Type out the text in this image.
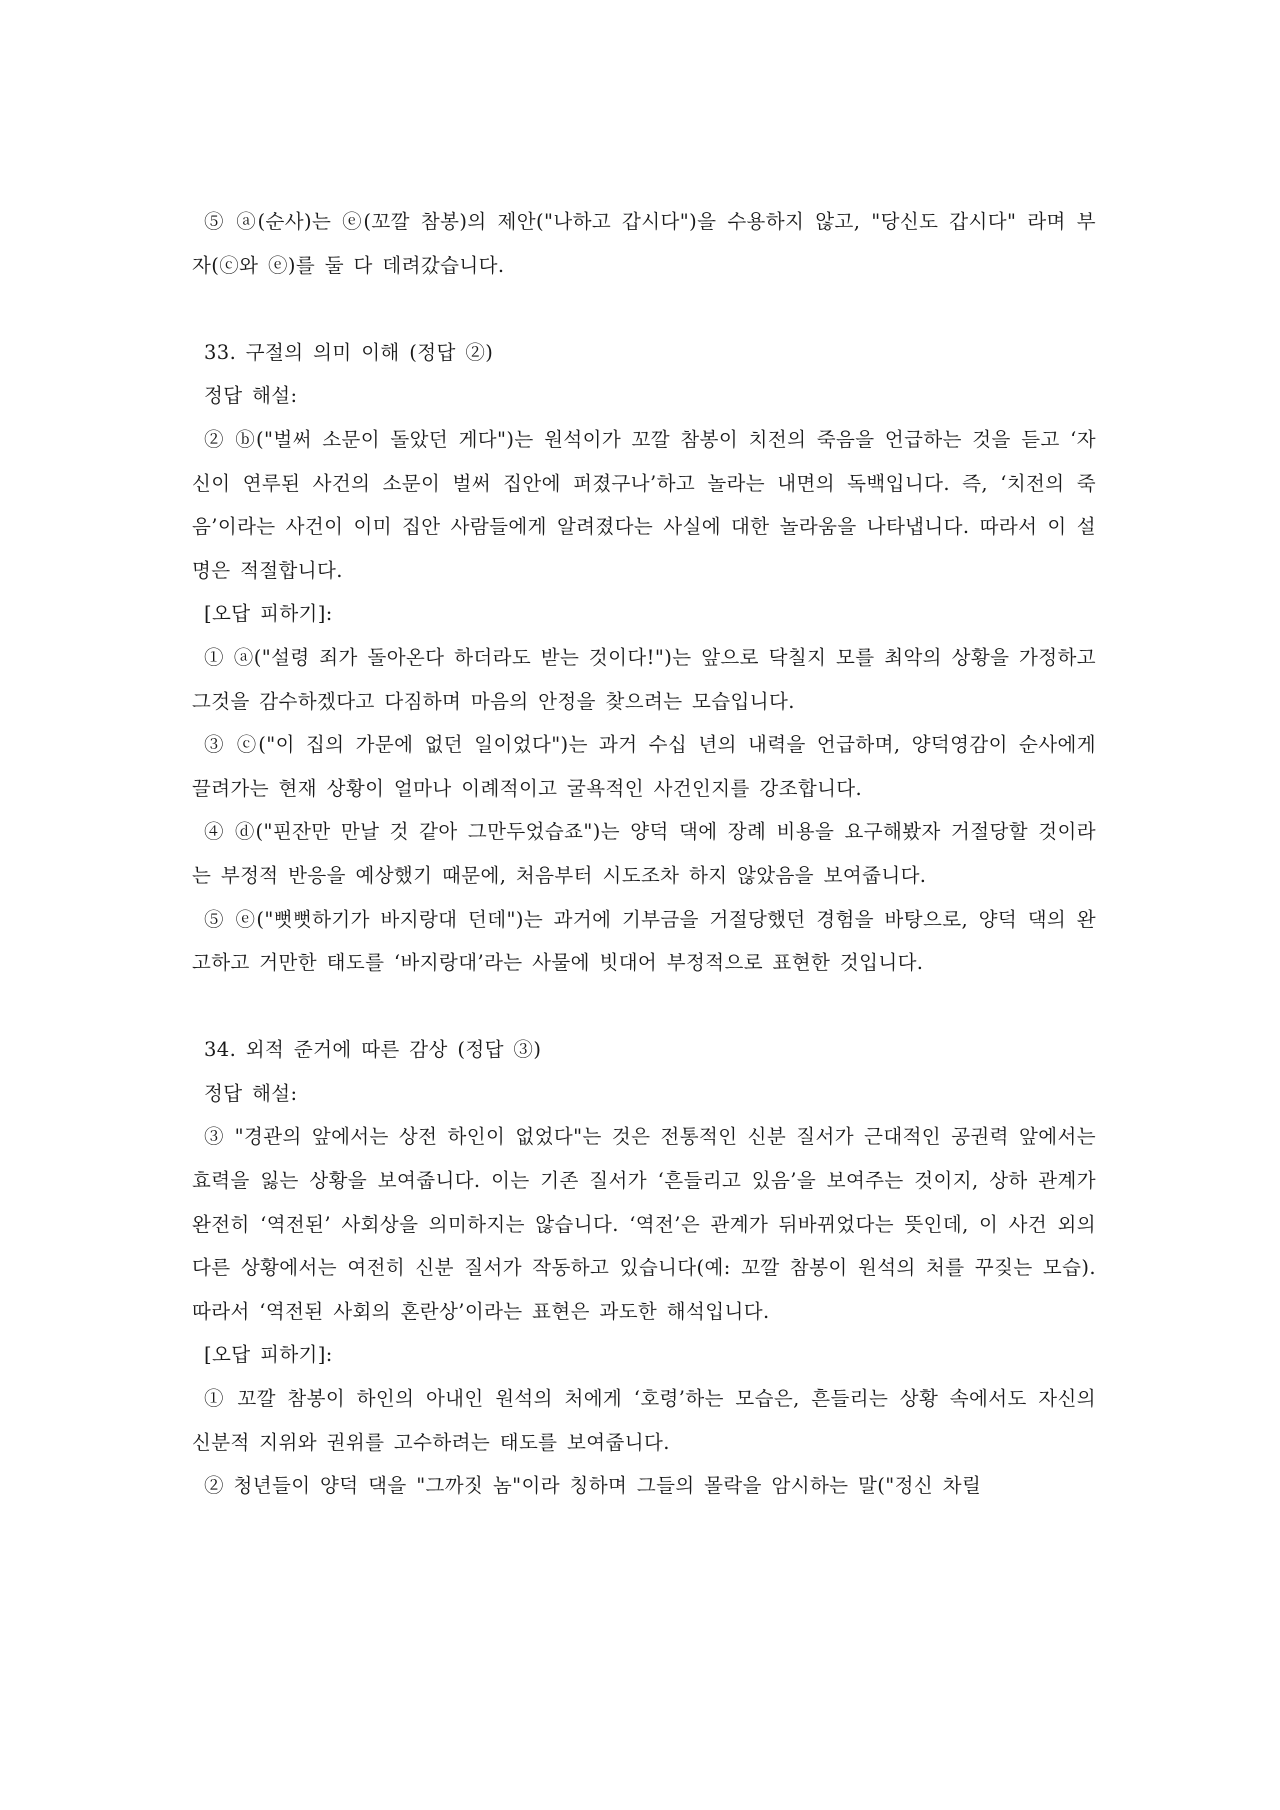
⑤ ⓐ(순사)는 ⓔ(꼬깔 참봉)의 제안("나하고 갑시다")을 수용하지 않고, "당신도 갑시다" 라며 부자(ⓒ와 ⓔ)를 둘 다 데려갔습니다.

33. 구절의 의미 이해 (정답 ②)

정답 해설:

② ⓑ("벌써 소문이 돌았던 게다")는 원석이가 꼬깔 참봉이 치전의 죽음을 언급하는 것을 듣고 ‘자신이 연루된 사건의 소문이 벌써 집안에 퍼졌구나’하고 놀라는 내면의 독백입니다. 즉, ‘치전의 죽음’이라는 사건이 이미 집안 사람들에게 알려졌다는 사실에 대한 놀라움을 나타냅니다. 따라서 이 설명은 적절합니다.

[오답 피하기]:

① ⓐ("설령 죄가 돌아온다 하더라도 받는 것이다!")는 앞으로 닥칠지 모를 최악의 상황을 가정하고 그것을 감수하겠다고 다짐하며 마음의 안정을 찾으려는 모습입니다.

③ ⓒ("이 집의 가문에 없던 일이었다")는 과거 수십 년의 내력을 언급하며, 양덕영감이 순사에게 끌려가는 현재 상황이 얼마나 이례적이고 굴욕적인 사건인지를 강조합니다.

④ ⓓ("핀잔만 만날 것 같아 그만두었습죠")는 양덕 댁에 장례 비용을 요구해봤자 거절당할 것이라는 부정적 반응을 예상했기 때문에, 처음부터 시도조차 하지 않았음을 보여줍니다.

⑤ ⓔ("뻣뻣하기가 바지랑대 던데")는 과거에 기부금을 거절당했던 경험을 바탕으로, 양덕 댁의 완고하고 거만한 태도를 ‘바지랑대’라는 사물에 빗대어 부정적으로 표현한 것입니다.

34. 외적 준거에 따른 감상 (정답 ③)

정답 해설:

③ "경관의 앞에서는 상전 하인이 없었다"는 것은 전통적인 신분 질서가 근대적인 공권력 앞에서는 효력을 잃는 상황을 보여줍니다. 이는 기존 질서가 ‘흔들리고 있음’을 보여주는 것이지, 상하 관계가 완전히 ‘역전된’ 사회상을 의미하지는 않습니다. ‘역전’은 관계가 뒤바뀌었다는 뜻인데, 이 사건 외의 다른 상황에서는 여전히 신분 질서가 작동하고 있습니다(예: 꼬깔 참봉이 원석의 처를 꾸짖는 모습). 따라서 ‘역전된 사회의 혼란상’이라는 표현은 과도한 해석입니다.

[오답 피하기]:

① 꼬깔 참봉이 하인의 아내인 원석의 처에게 ‘호령’하는 모습은, 흔들리는 상황 속에서도 자신의 신분적 지위와 권위를 고수하려는 태도를 보여줍니다.

② 청년들이 양덕 댁을 "그까짓 놈"이라 칭하며 그들의 몰락을 암시하는 말("정신 차릴
